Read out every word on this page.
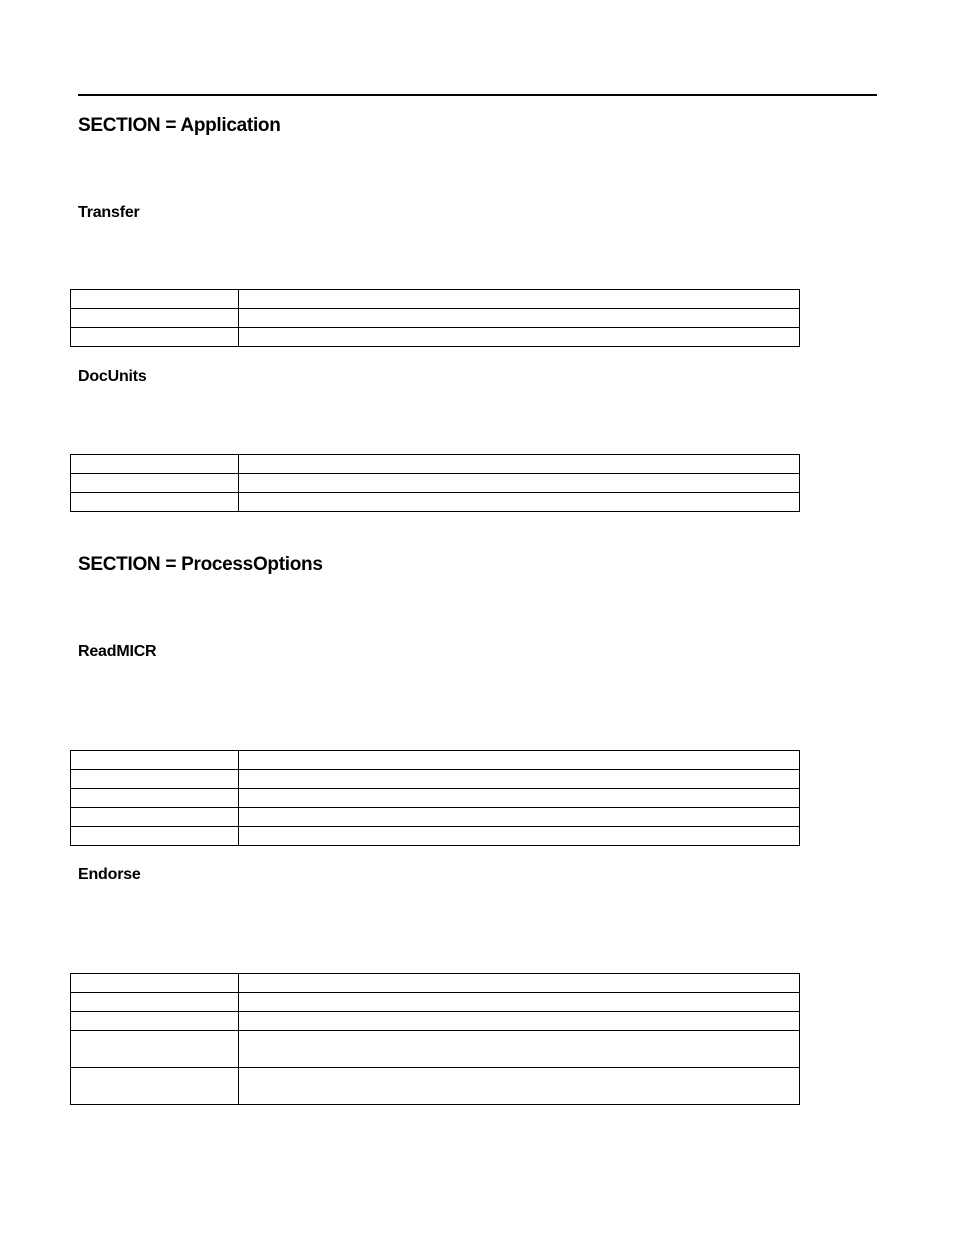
SECTION = Application
Transfer

DocUnits

SECTION = ProcessOptions
ReadMICR

Endorse
